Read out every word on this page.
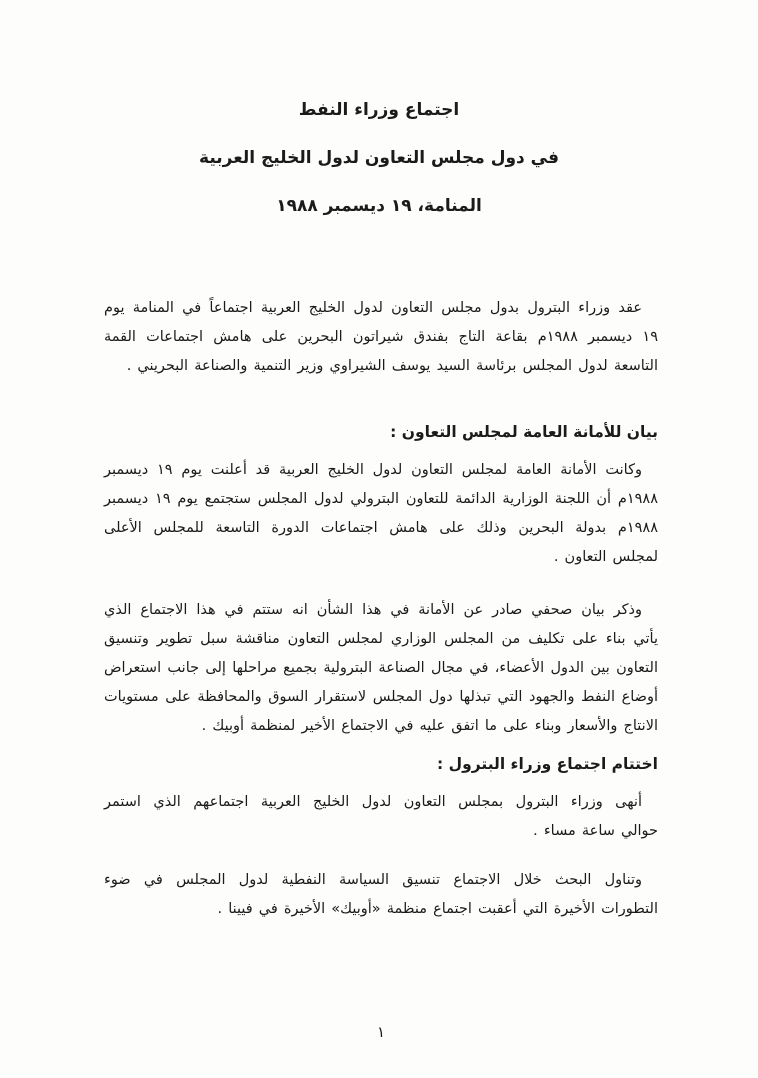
اجتماع وزراء النفط
في دول مجلس التعاون لدول الخليج العربية
المنامة، ١٩ ديسمبر ١٩٨٨
عقد وزراء البترول بدول مجلس التعاون لدول الخليج العربية اجتماعاً في المنامة يوم
١٩ ديسمبر ١٩٨٨م بقاعة التاج بفندق شيراتون البحرين على هامش اجتماعات القمة
التاسعة لدول المجلس برئاسة السيد يوسف الشيراوي وزير التنمية والصناعة البحريني .
بيان للأمانة العامة لمجلس التعاون :
وكانت الأمانة العامة لمجلس التعاون لدول الخليج العربية قد أعلنت يوم ١٩ ديسمبر
١٩٨٨م أن اللجنة الوزارية الدائمة للتعاون البترولي لدول المجلس ستجتمع يوم ١٩ ديسمبر
١٩٨٨م بدولة البحرين وذلك على هامش اجتماعات الدورة التاسعة للمجلس الأعلى
لمجلس التعاون .
وذكر بيان صحفي صادر عن الأمانة في هذا الشأن انه ستتم في هذا الاجتماع الذي
يأتي بناء على تكليف من المجلس الوزاري لمجلس التعاون مناقشة سبل تطوير وتنسيق
التعاون بين الدول الأعضاء، في مجال الصناعة البترولية بجميع مراحلها إلى جانب استعراض
أوضاع النفط والجهود التي تبذلها دول المجلس لاستقرار السوق والمحافظة على مستويات
الانتاج والأسعار وبناء على ما اتفق عليه في الاجتماع الأخير لمنظمة أوبيك .
اختتام اجتماع وزراء البترول :
أنهى وزراء البترول بمجلس التعاون لدول الخليج العربية اجتماعهم الذي استمر
حوالي ساعة مساء .
وتناول البحث خلال الاجتماع تنسيق السياسة النفطية لدول المجلس في ضوء
التطورات الأخيرة التي أعقبت اجتماع منظمة «أوبيك» الأخيرة في فيينا .
١
